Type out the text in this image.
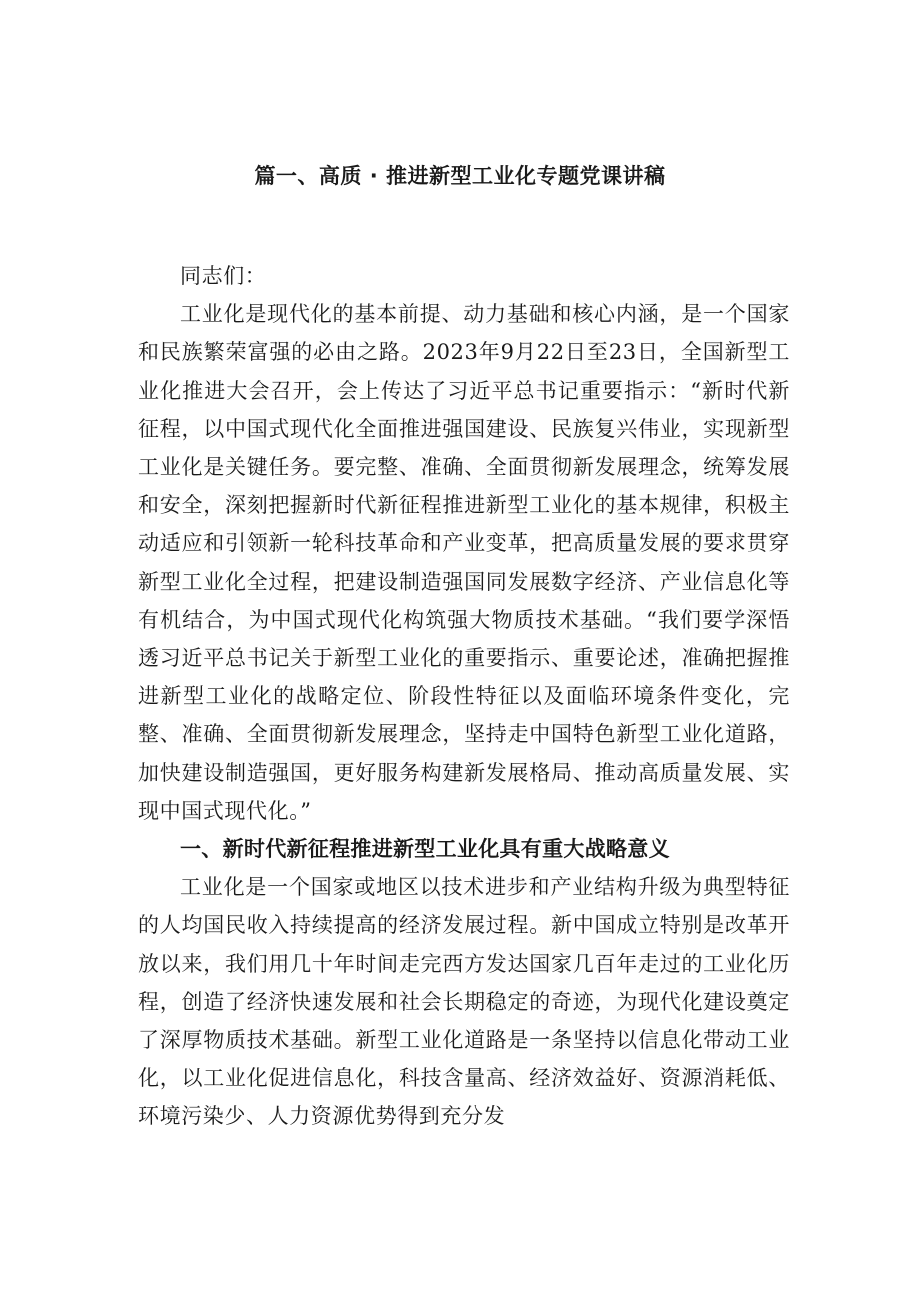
篇一、高质 · 推进新型工业化专题党课讲稿

同志们：

工业化是现代化的基本前提、动力基础和核心内涵，是一个国家和民族繁荣富强的必由之路。2023年9月22日至23日，全国新型工业化推进大会召开，会上传达了习近平总书记重要指示：“新时代新征程，以中国式现代化全面推进强国建设、民族复兴伟业，实现新型工业化是关键任务。要完整、准确、全面贯彻新发展理念，统筹发展和安全，深刻把握新时代新征程推进新型工业化的基本规律，积极主动适应和引领新一轮科技革命和产业变革，把高质量发展的要求贯穿新型工业化全过程，把建设制造强国同发展数字经济、产业信息化等有机结合，为中国式现代化构筑强大物质技术基础。“我们要学深悟透习近平总书记关于新型工业化的重要指示、重要论述，准确把握推进新型工业化的战略定位、阶段性特征以及面临环境条件变化，完整、准确、全面贯彻新发展理念，坚持走中国特色新型工业化道路，加快建设制造强国，更好服务构建新发展格局、推动高质量发展、实现中国式现代化。”

一、新时代新征程推进新型工业化具有重大战略意义

工业化是一个国家或地区以技术进步和产业结构升级为典型特征的人均国民收入持续提高的经济发展过程。新中国成立特别是改革开放以来，我们用几十年时间走完西方发达国家几百年走过的工业化历程，创造了经济快速发展和社会长期稳定的奇迹，为现代化建设奠定了深厚物质技术基础。新型工业化道路是一条坚持以信息化带动工业化，以工业化促进信息化，科技含量高、经济效益好、资源消耗低、环境污染少、人力资源优势得到充分发
